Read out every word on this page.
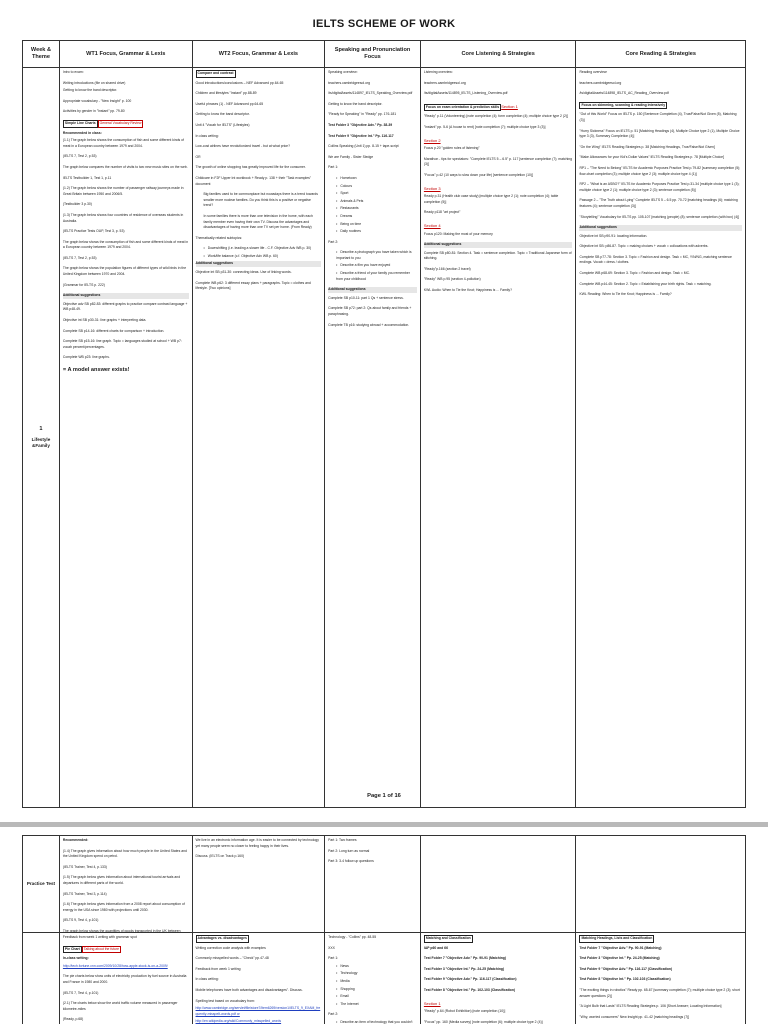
IELTS SCHEME OF WORK
Week & Theme
WT1 Focus, Grammar & Lexis	WT2 Focus, Grammar & Lexis
Speaking and Pronunciation Focus
Core Listening & Strategies	Core Reading & Strategies
1
Lifestyle &Family
Intro to exam:
Writing introductions (file on shared drive)
Getting to know the band descriptor.
Appropriate vocabulary - "New Insight" p. 100
Activities by gender in "Instant" pp. 79-80
Simple Line Charts General Vocabulary Review
Recommended in class:
(1.1) The graph below shows the consumption of fish and some different kinds of meat in a European country between 1979 and 2004.
(IELTS 7, Test 2, p.53)
The graph below compares the number of visits to two new music sites on the web.
IELTS Testbuilder 1, Test 1, p.11
(1.2) The graph below shows the number of passenger railway journeys made in Great Britain between 1950 and 2006/5.
(Testbuilder 3 p.30)
(1.3) The graph below shows four countries of residence of overseas students in Australia.
(IELTS Practice Tests OUP, Test 3, p. 53)
The graph below shows the consumption of fish and some different kinds of meat in a European country between 1979 and 2004.
(IELTS 7, Test 2, p.53)
The graph below shows the population figures of different types of wild birds in the United Kingdom between 1970 and 2004.
(Grammar for IELTS p. 222)
Additional suggestions
Objective adv SB p82-83: different graphs to practice compare contrast language + WB p48-49.
Objective int SB p30-31: line graphs + interpreting data.
Complete SB p14-16: different charts for comparison + introduction.
Complete SB p15-16: line graph. Topic = languages studied at school + WB p7: vocab percent/percentages.
Complete WB p23: line graphs.
= A model answer exists!
Compare and contrast
Good introductions/conclusions – NEF Advanced pp.64-65
Children and lifestyles "Instant" pp.88-89
Useful phrases (1) - NEF Advanced pp.64-65
Getting to know the band descriptor.
Unit 4 "Vocab for IELTS" (Lifestyles)
In class writing:
Low-cost airlines have revolutionized travel - but at what price?
OR
The growth of online shopping has greatly improved life for the consumer.
Childcare in F2F Upper Int workbook + Ready p. 138 + their "Task examples" document
Big families used to be commonplace but nowadays there is a trend towards smaller more nuclear families. Do you think this is a positive or negative trend?
In some families there is more than one television in the home, with each family member even having their own TV. Discuss the advantages and disadvantages of having more than one TV set per home. (From Ready)
Thematically related subtopics:
• Downshifting (i.e. leading a slower life - C.F. Objective Adv WB p. 30)
• Work/life balance (c.f. Objective Adv WB p. 60)
Additional suggestions
Objective int SB p31-30: connecting ideas. Use of linking words.
Complete WB p62: 3 different essay plans + paragraphs. Topic = clothes and lifestyle. [Two opinions]
Speaking overview:
teachers.cambridgeesol.org
/ts/digitalAssets/114897_IELTS_Speaking_Overview.pdf
Getting to know the band descriptor.
"Ready for Speaking" in "Ready" pp. 176-181
Test Folder 3 "Objective Adv." Pp. 38-39
Test Folder 9 "Objective Int." Pp. 116-117
Collins Speaking (Unit 1) pp. 8-15 + tape-script
We are Family - Sister Sledge
Part 1:
• Hometown
• Colours
• Sport
• Animals & Pets
• Restaurants
• Dreams
• Being on time
• Daily routines
Part 2:
• Describe a photograph you have taken which is important to you
• Describe a film you have enjoyed
• Describe a friend of your family you remember from your childhood
Additional suggestions
Complete SB p10-11: part 1 Qs + sentence stress.
Complete SB p72: part 2: Qs about family and friends + paraphrasing.
Complete TB p16: studying abroad + accommodation.
Listening overview:
teachers.cambridgeesol.org
/ts/digitalAssets/114895_IELTS_Listening_Overview.pdf
Focus on exam orientation & prediction skills Section 1
"Ready" p.11 (Volunteering) [note completion (4); form completion (4); multiple choice type 2 (2)]
"Instant" pp. 5-6 (A house to rent) [note completion (7); multiple choice type 3 (3)]
Section 2
Focus p.20 "golden rules of listening"
Marathon - tips for spectators: "Complete IELTS 5 – 6.5" p. 117 [sentence completion (7); matching (3)]
"Focus" p.42 (10 ways to slow down your life) [sentence completion (10)]
Section 3
Ready p.31 (Health club case study) [multiple choice type 2 (1); note completion (4); table completion (5)]
Ready p118 "art project"
Section 4
Focus p120: Making the most of your memory
Additional suggestions
Complete SB p80-81: Section 4. Task = sentence completion. Topic = Traditional Japanese form of stitching.
"Ready"p.166 (section 2 travel)
"Ready" WB p.95 (section 4-pollution)
KWL Audio: When to Tie the Knot; Happiness is ... Family?
Reading overview:
teachers.cambridgeesol.org
/ts/digitalAssets/114898_IELTS_AC_Reading_Overview.pdf
Focus on skimming, scanning & reading intensively
"Out of this World" Focus on IELTS p. 150 [Sentence Completion (4), True/False/Not Given (5), Matching (3)]
"Hurry Sickness" Focus on IELTS p. 51 [Matching Headings (4), Multiple Choice type 2 (1), Multiple Choice type 3 (3), Summary Completion (4)]
"On the Wing" IELTS Reading Strategies p. 38 [Matching Headings, True/False/Not Given]
"Make Allowances for your Kid's Dollar Values" IELTS Reading Strategies p. 78 [Multiple Choice]
RP1 – "The Need to Belong" IELTS for Academic Purposes Practice Test p.79-82 [summary completion (5); flow-chart completion (3); multiple choice type 2 (3); multiple choice type 4 (1)]
RP2 – "What is an ASBO?" IELTS for Academic Purposes Practice Test p.31-34 [multiple choice type 1 (3); multiple choice type 2 (1); multiple choice type 2 (3); sentence completion (5)]
Passage 2 – "The Truth about Lying" Complete IELTS 5 – 6.5 pp. 70-72 [matching headings (6); matching features (4); sentence completion (3)]
"Storytelling" Vocabulary for IELTS pp. 105-107 [matching (people) (8); sentence completion (with box) (4)]
Additional suggestions
Objective int SB p90-91: locating information.
Objective int SB: p86-87. Topic = making choices + vocab = collocations with adverbs.
Complete SB p77-78: Section 3. Topic = Fashion and design. Task = MC, Y/N/NG, matching sentence endings. Vocab = dress / clothes.
Complete WB p68-69: Section 3. Topic = Fashion and design. Task = MC.
Complete WB p44-45: Section 2. Topic = Establishing your birth rights. Task = matching.
KWL Reading: When to Tie the Knot; Happiness is ... Family?
Page 1 of 16
Practice Test
Recommended:
(1.4) The graph gives information about how much people in the United States and the United Kingdom spend on petrol.
(IELTS Trainer, Test 4, p.133)
(1.5) The graph below gives information about international tourist arrivals and departures in different parts of the world.
(IELTS Trainer, Test 3, p.114)
(1.6) The graph below gives information from a 2008 report about consumption of energy in the USA since 1980 with projections until 2030.
(IELTS 9, Test 4, p.101)
The graph below shows the quantities of goods transported in the UK between
We live in an electronic information age. It is easier to be connected by technology yet many people seem no closer to feeling happy in their lives.
Discuss. (IELTS on Track p.160)
Part 1: Two frames
Part 2: Long turn as normal
Part 3: 3-4 follow up questions
Feedback from week 1 writing with grammar spot
Pie Chart Talking about the future
In-class writing:
http://tech.fortune.cnn.com/2009/10/28/how-apple-stock-is-on-a-2009/
The pie charts below show units of electricity production by fuel source in Australia and France in 1980 and 2000.
(IELTS 7, Test 4, p.101)
(2.1) The charts below show the world traffic volume measured in passenger kilometre-miles
(Ready, p.68)
Advantages vs. disadvantages
Writing correction code analysis with examples
Commonly misspelled words – "Check" pp.47-48
Feedback from week 1 writing
In class writing:
Mobile telephones have both advantages and disadvantages". Discuss.
Spelling test based on vocabulary from:
http://www.cambridge.org/servlet/file/store7/item6269/version1/IELTS_9_EXAM_frequently-misspelt-words.pdf or
http://en.wikipedia.org/wiki/Commonly_misspelled_words
Technology - "Collins" pp. 48-55
XXX
Part 1:
• News
• Technology
• Media
• Shopping
• Email
• The Internet
Part 2:
• Describe an item of technology that you couldn't
Matching and Classification
IAP p60 and 66
Test Folder 7 "Objective Adv." Pp. 90-91 (Matching)
Test Folder 3 "Objective Int." Pp. 24-25 (Matching)
Test Folder 9 "Objective Adv." Pp. 116-117 (Classification)
Test Folder 8 "Objective Int." Pp. 102-103 (Classification)
Section 1
"Ready" p.64 (Robot Exhibition) [note completion (10)]
"Focus" pp. 160 (Media survey) [note completion (6); multiple choice type 2 (4)]
Matching Headings, Lists and Classification
Test Folder 7 "Objective Adv." Pp. 90-91 (Matching)
Test Folder 3 "Objective Int." Pp. 24-25 (Matching)
Test Folder 9 "Objective Adv." Pp. 116-117 (Classification)
Test Folder 8 "Objective Int." Pp. 102-103 (Classification)
"The exciting things in robotics" Ready pp. 65-67 [summary completion (7); multiple choice type 2 (3); short answer questions (2)]
"A Light Bulb that Lasts" IELTS Reading Strategies p. 106 [Short Answer; Locating Information]
"Why, worried consumers" New Insight pp. 41-42 [matching headings (7)]
